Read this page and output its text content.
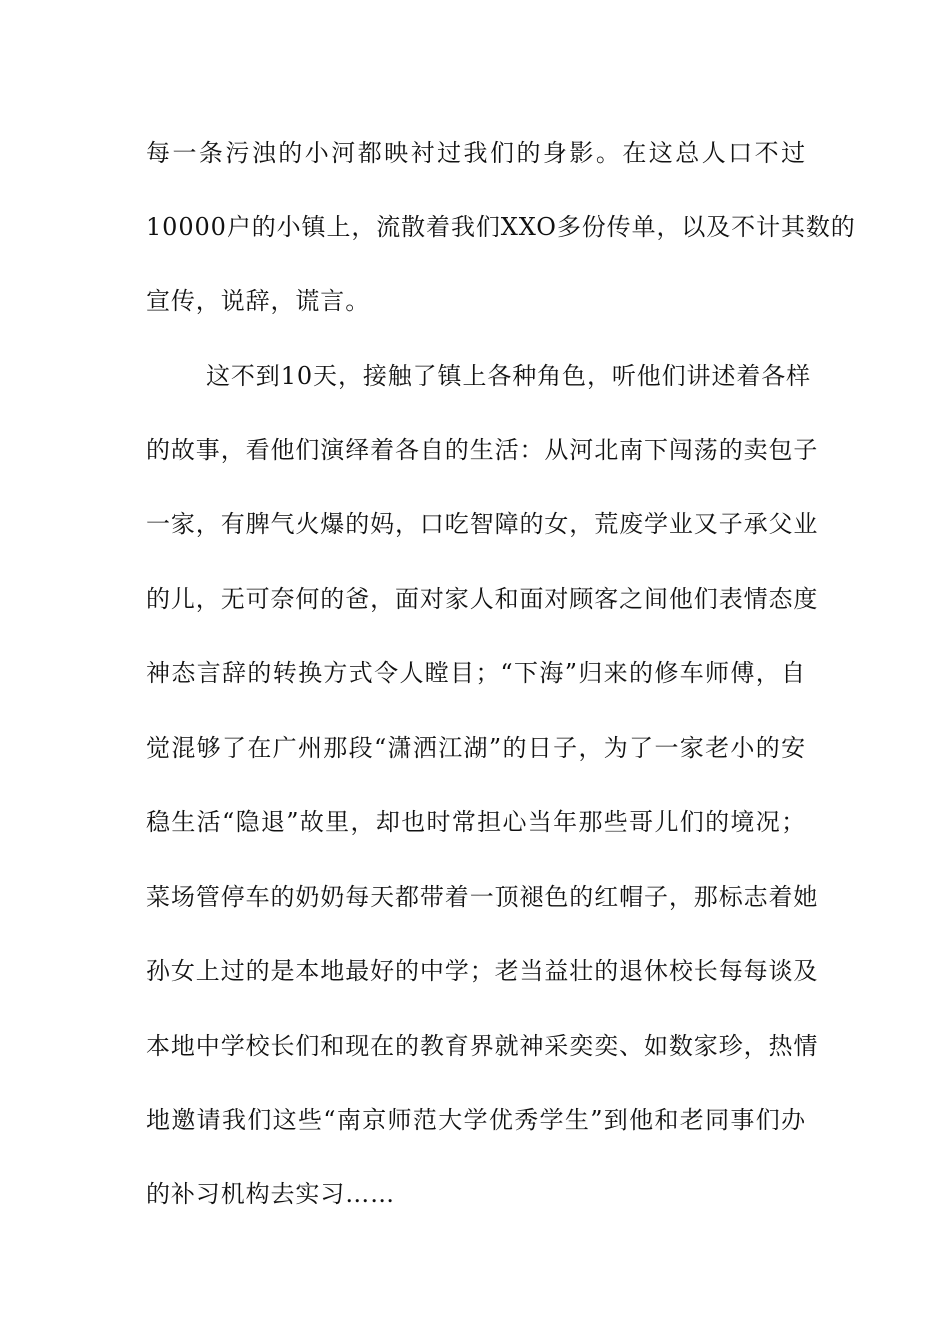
每一条污浊的小河都映衬过我们的身影。在这总人口不过
10000户的小镇上，流散着我们XXO多份传单，以及不计其数的
宣传，说辞，谎言。
这不到10天，接触了镇上各种角色，听他们讲述着各样
的故事，看他们演绎着各自的生活：从河北南下闯荡的卖包子
一家，有脾气火爆的妈，口吃智障的女，荒废学业又子承父业
的儿，无可奈何的爸，面对家人和面对顾客之间他们表情态度
神态言辞的转换方式令人瞠目；“下海”归来的修车师傅，自
觉混够了在广州那段“潇洒江湖”的日子，为了一家老小的安
稳生活“隐退”故里，却也时常担心当年那些哥儿们的境况；
菜场管停车的奶奶每天都带着一顶褪色的红帽子，那标志着她
孙女上过的是本地最好的中学；老当益壮的退休校长每每谈及
本地中学校长们和现在的教育界就神采奕奕、如数家珍，热情
地邀请我们这些“南京师范大学优秀学生”到他和老同事们办
的补习机构去实习……
